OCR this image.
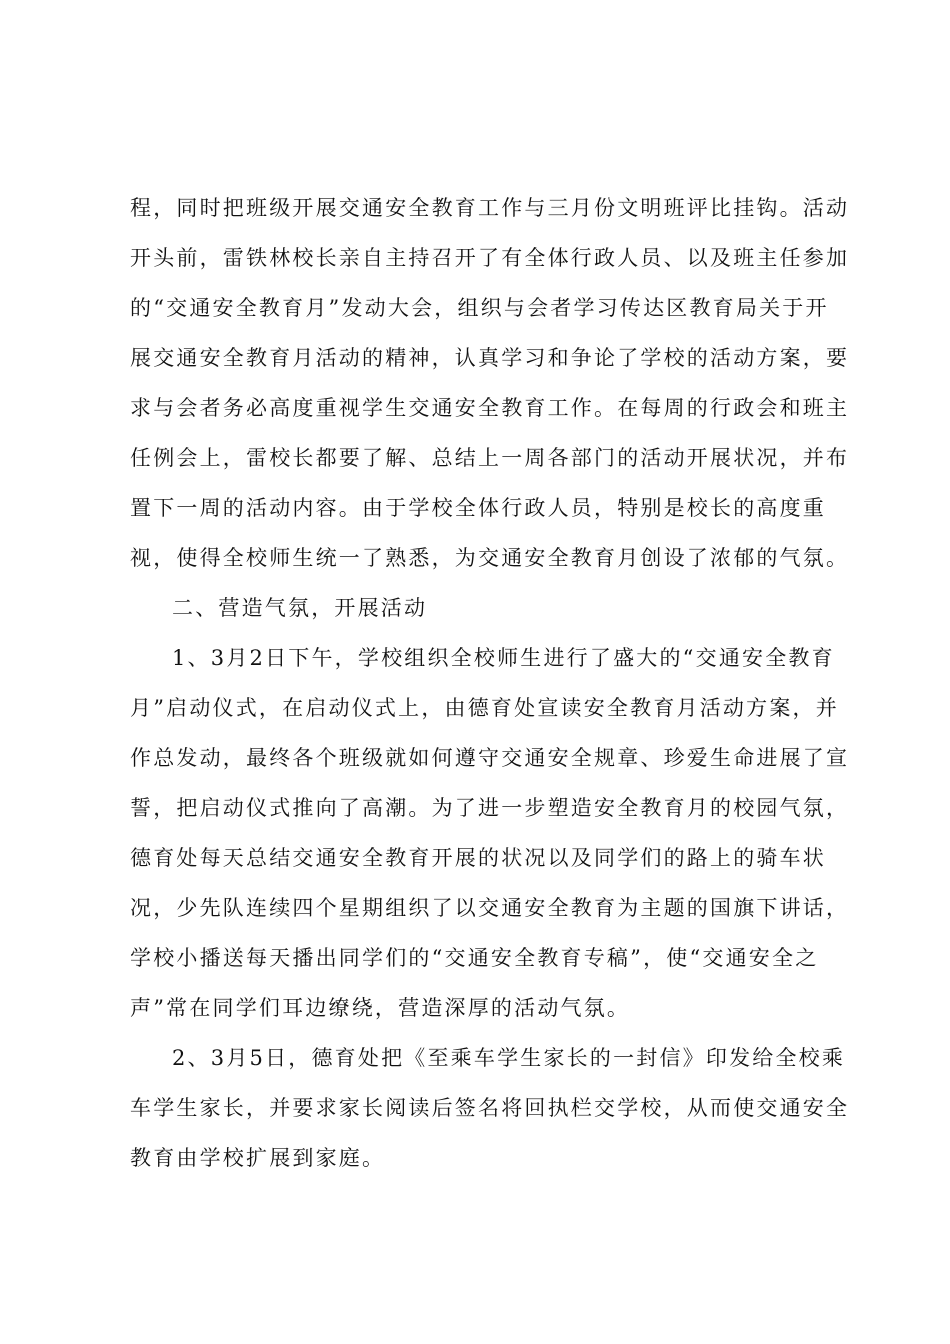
程，同时把班级开展交通安全教育工作与三月份文明班评比挂钩。活动
开头前，雷铁林校长亲自主持召开了有全体行政人员、以及班主任参加
的“交通安全教育月”发动大会，组织与会者学习传达区教育局关于开
展交通安全教育月活动的精神，认真学习和争论了学校的活动方案，要
求与会者务必高度重视学生交通安全教育工作。在每周的行政会和班主
任例会上，雷校长都要了解、总结上一周各部门的活动开展状况，并布
置下一周的活动内容。由于学校全体行政人员，特别是校长的高度重
视，使得全校师生统一了熟悉，为交通安全教育月创设了浓郁的气氛。
二、营造气氛，开展活动
1、3月2日下午，学校组织全校师生进行了盛大的“交通安全教育
月”启动仪式，在启动仪式上，由德育处宣读安全教育月活动方案，并
作总发动，最终各个班级就如何遵守交通安全规章、珍爱生命进展了宣
誓，把启动仪式推向了高潮。为了进一步塑造安全教育月的校园气氛，
德育处每天总结交通安全教育开展的状况以及同学们的路上的骑车状
况，少先队连续四个星期组织了以交通安全教育为主题的国旗下讲话，
学校小播送每天播出同学们的“交通安全教育专稿”，使“交通安全之
声”常在同学们耳边缭绕，营造深厚的活动气氛。
2、3月5日，德育处把《至乘车学生家长的一封信》印发给全校乘
车学生家长，并要求家长阅读后签名将回执栏交学校，从而使交通安全
教育由学校扩展到家庭。
